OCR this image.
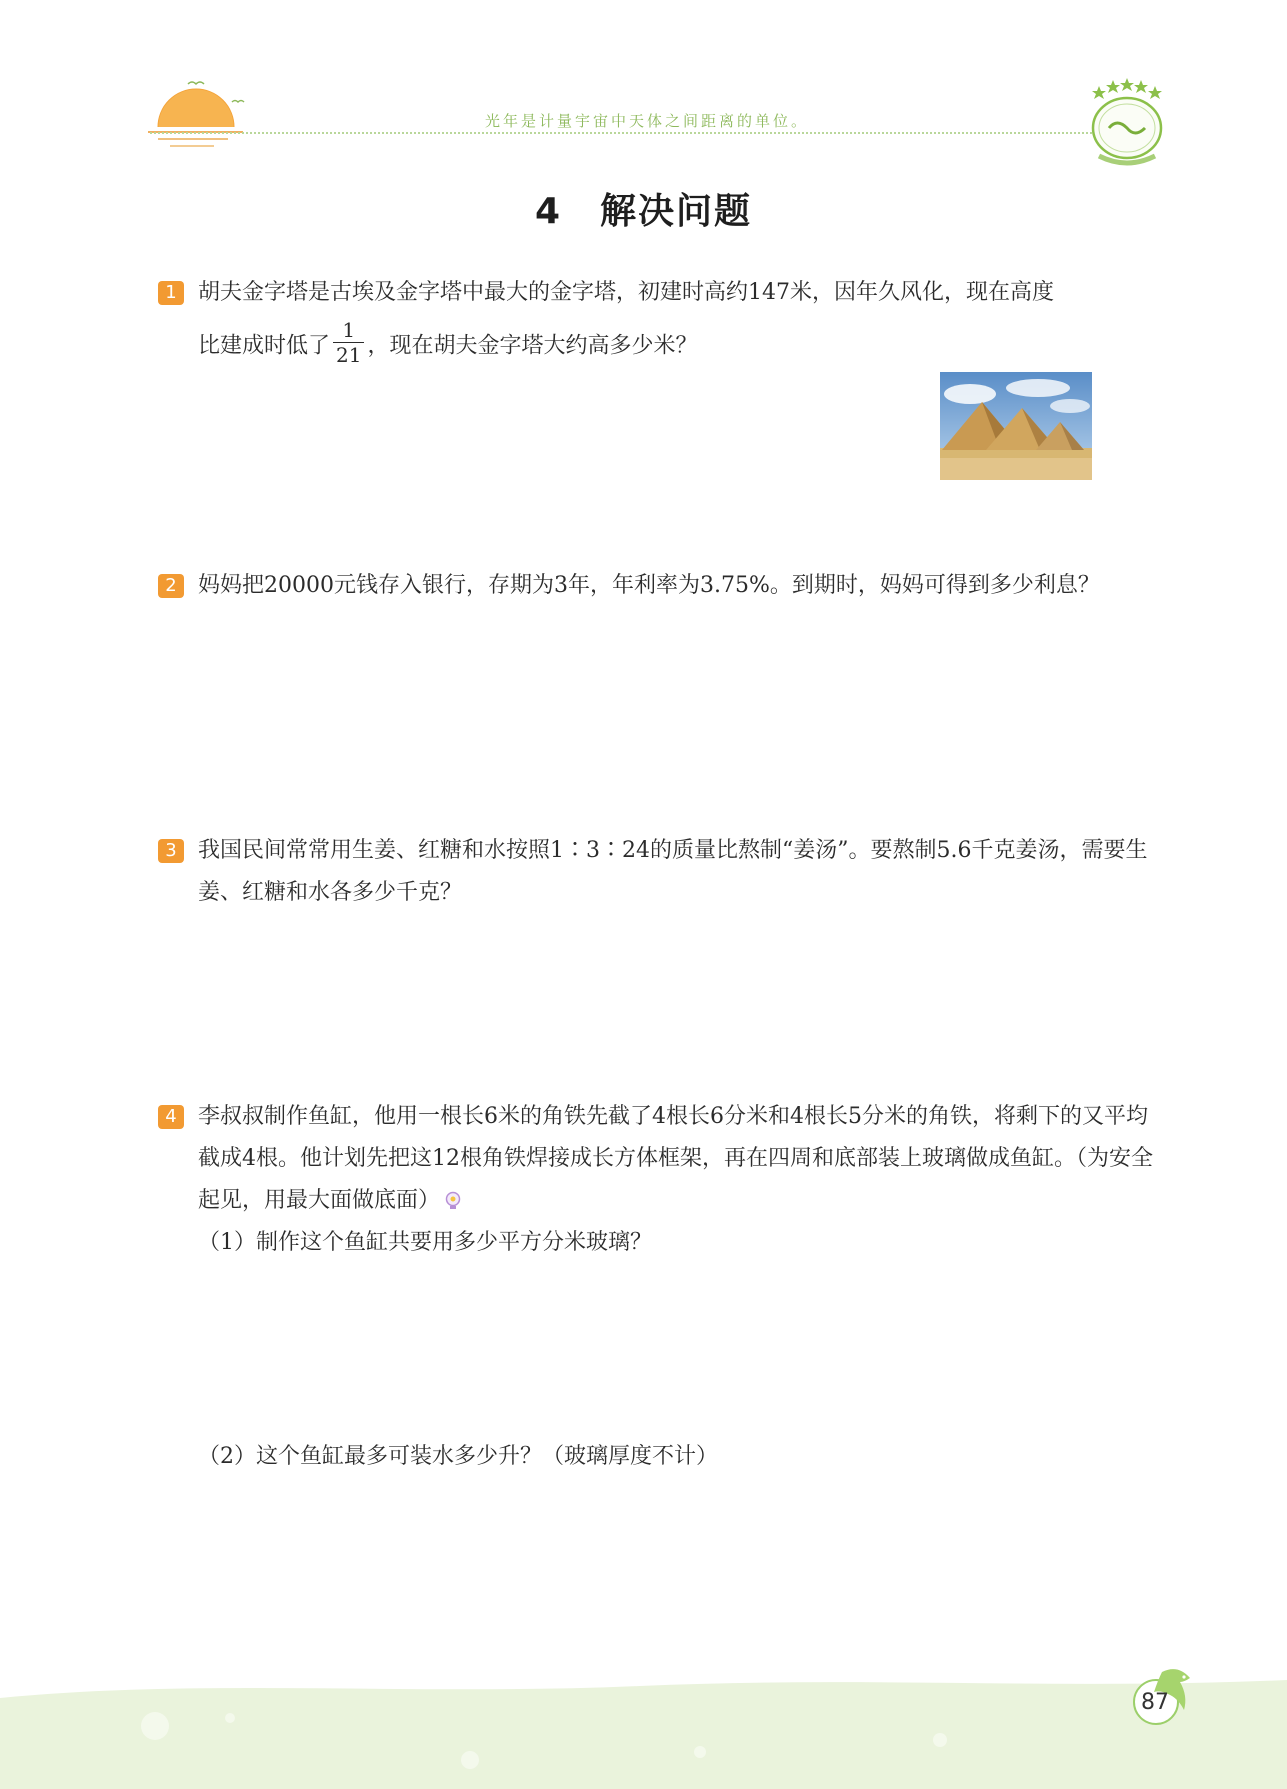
光年是计量宇宙中天体之间距离的单位。
4　解决问题
1 胡夫金字塔是古埃及金字塔中最大的金字塔，初建时高约147米，因年久风化，现在高度
比建成时低了 $\frac{1}{21}$ ，现在胡夫金字塔大约高多少米？
2 妈妈把20000元钱存入银行，存期为3年，年利率为3.75%。到期时，妈妈可得到多少利息？
3 我国民间常常用生姜、红糖和水按照1∶3∶24的质量比熬制“姜汤”。要熬制5.6千克姜汤，需要生姜、红糖和水各多少千克？
4 李叔叔制作鱼缸，他用一根长6米的角铁先截了4根长6分米和4根长5分米的角铁，将剩下的又平均截成4根。他计划先把这12根角铁焊接成长方体框架，再在四周和底部装上玻璃做成鱼缸。（为安全起见，用最大面做底面）
（1）制作这个鱼缸共要用多少平方分米玻璃？
（2）这个鱼缸最多可装水多少升？（玻璃厚度不计）
87
